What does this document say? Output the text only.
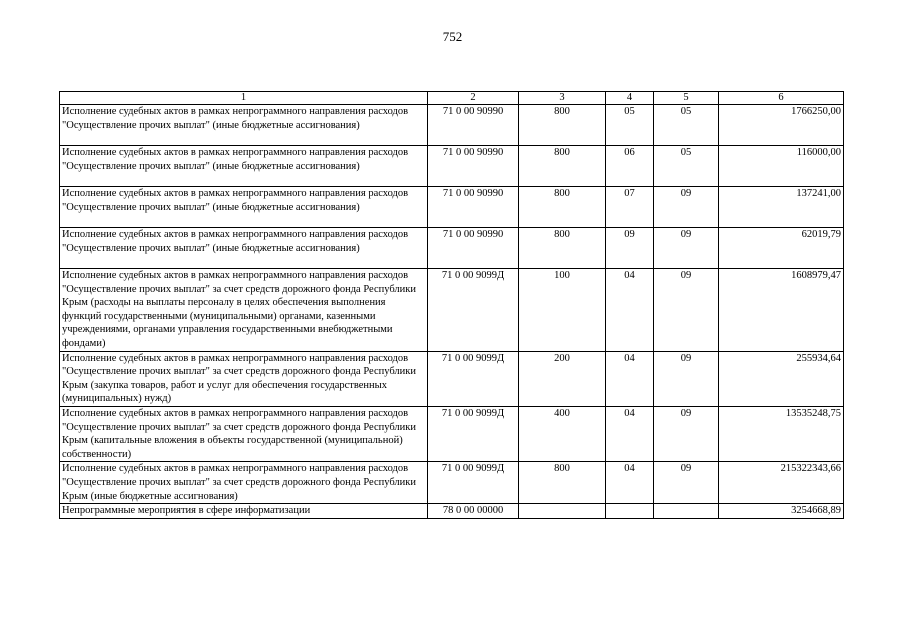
752
1	2	3	4	5	6
Исполнение судебных актов в рамках непрограммного направления расходов "Осуществление прочих выплат" (иные бюджетные ассигнования)	71 0 00 90990	800	05	05	1766250,00
Исполнение судебных актов в рамках непрограммного направления расходов "Осуществление прочих выплат" (иные бюджетные ассигнования)	71 0 00 90990	800	06	05	116000,00
Исполнение судебных актов в рамках непрограммного направления расходов "Осуществление прочих выплат" (иные бюджетные ассигнования)	71 0 00 90990	800	07	09	137241,00
Исполнение судебных актов в рамках непрограммного направления расходов "Осуществление прочих выплат" (иные бюджетные ассигнования)	71 0 00 90990	800	09	09	62019,79
Исполнение судебных актов в рамках непрограммного направления расходов "Осуществление прочих выплат" за счет средств дорожного фонда Республики Крым (расходы на выплаты персоналу в целях обеспечения выполнения функций государственными (муниципальными) органами, казенными учреждениями, органами управления государственными внебюджетными фондами)	71 0 00 9099Д	100	04	09	1608979,47
Исполнение судебных актов в рамках непрограммного направления расходов "Осуществление прочих выплат" за счет средств дорожного фонда Республики Крым (закупка товаров, работ и услуг для обеспечения государственных (муниципальных) нужд)	71 0 00 9099Д	200	04	09	255934,64
Исполнение судебных актов в рамках непрограммного направления расходов "Осуществление прочих выплат" за счет средств дорожного фонда Республики Крым (капитальные вложения в объекты государственной (муниципальной) собственности)	71 0 00 9099Д	400	04	09	13535248,75
Исполнение судебных актов в рамках непрограммного направления расходов "Осуществление прочих выплат" за счет средств дорожного фонда Республики Крым (иные бюджетные ассигнования)	71 0 00 9099Д	800	04	09	215322343,66
Непрограммные мероприятия в сфере информатизации	78 0 00 00000				3254668,89
